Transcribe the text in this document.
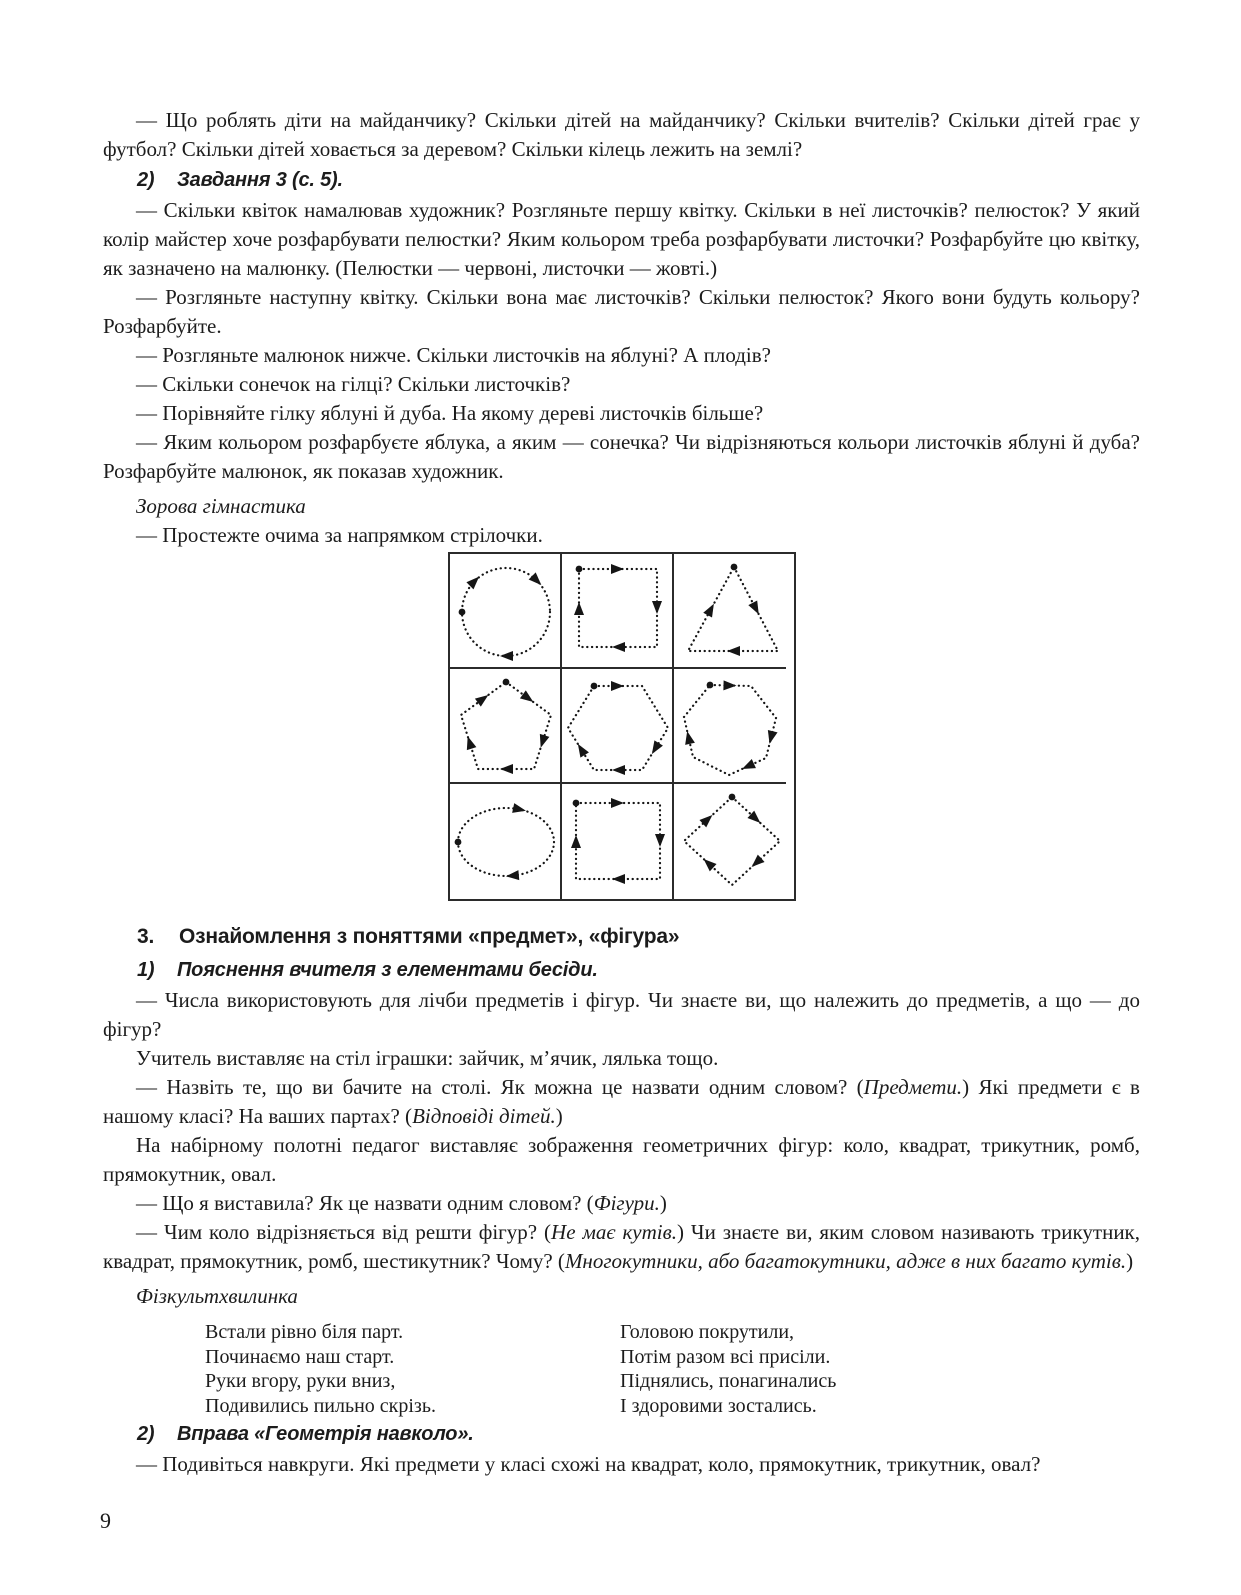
— Що роблять діти на майданчику? Скільки дітей на майданчику? Скільки вчителів? Скільки дітей грає у футбол? Скільки дітей ховається за деревом? Скільки кілець лежить на землі?

2)	Завдання 3 (с. 5).

— Скільки квіток намалював художник? Розгляньте першу квітку. Скільки в неї листочків? пелюсток? У який колір майстер хоче розфарбувати пелюстки? Яким кольором треба розфарбувати листочки? Розфарбуйте цю квітку, як зазначено на малюнку. (Пелюстки — червоні, листочки — жовті.)

— Розгляньте наступну квітку. Скільки вона має листочків? Скільки пелюсток? Якого вони будуть кольору? Розфарбуйте.

— Розгляньте малюнок нижче. Скільки листочків на яблуні? А плодів?

— Скільки сонечок на гілці? Скільки листочків?

— Порівняйте гілку яблуні й дуба. На якому дереві листочків більше?

— Яким кольором розфарбуєте яблука, а яким — сонечка? Чи відрізняються кольори листочків яблуні й дуба? Розфарбуйте малюнок, як показав художник.

Зорова гімнастика

— Простежте очима за напрямком стрілочки.

3.	Ознайомлення з поняттями «предмет», «фігура»
1)	Пояснення вчителя з елементами бесіди.

— Числа використовують для лічби предметів і фігур. Чи знаєте ви, що належить до предметів, а що — до фігур?

Учитель виставляє на стіл іграшки: зайчик, м’ячик, лялька тощо.

— Назвіть те, що ви бачите на столі. Як можна це назвати одним словом? (Предмети.) Які предмети є в нашому класі? На ваших партах? (Відповіді дітей.)

На набірному полотні педагог виставляє зображення геометричних фігур: коло, квадрат, трикутник, ромб, прямокутник, овал.

— Що я виставила? Як це назвати одним словом? (Фігури.)

— Чим коло відрізняється від решти фігур? (Не має кутів.) Чи знаєте ви, яким словом називають трикутник, квадрат, прямокутник, ромб, шестикутник? Чому? (Многокутники, або багатокутники, адже в них багато кутів.)

Фізкультхвилинка
Встали рівно біля парт.
Починаємо наш старт.
Руки вгору, руки вниз,
Подивились пильно скрізь.
Головою покрутили,
Потім разом всі присіли.
Піднялись, понагинались
І здоровими зостались.
2)	Вправа «Геометрія навколо».

— Подивіться навкруги. Які предмети у класі схожі на квадрат, коло, прямокутник, трикутник, овал?

9
